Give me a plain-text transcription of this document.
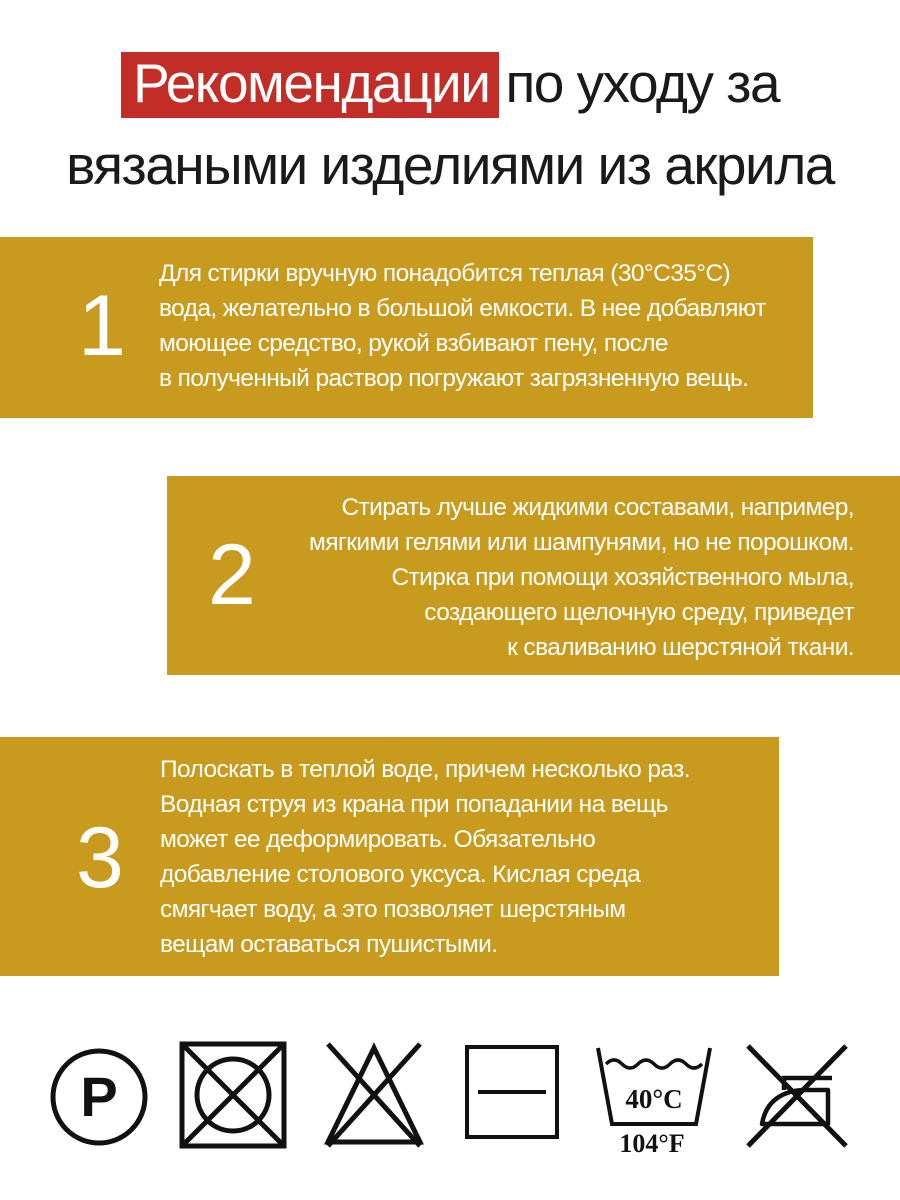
Рекомендации по уходу за
вязаными изделиями из акрила
1
Для стирки вручную понадобится теплая (30°С35°С)
вода, желательно в большой емкости. В нее добавляют
моющее средство, рукой взбивают пену, после
в полученный раствор погружают загрязненную вещь.
2
Стирать лучше жидкими составами, например,
мягкими гелями или шампунями, но не порошком.
Стирка при помощи хозяйственного мыла,
создающего щелочную среду, приведет
к сваливанию шерстяной ткани.
3
Полоскать в теплой воде, причем несколько раз.
Водная струя из крана при попадании на вещь
может ее деформировать. Обязательно
добавление столового уксуса. Кислая среда
смягчает воду, а это позволяет шерстяным
вещам оставаться пушистыми.
P	40°C
104°F
